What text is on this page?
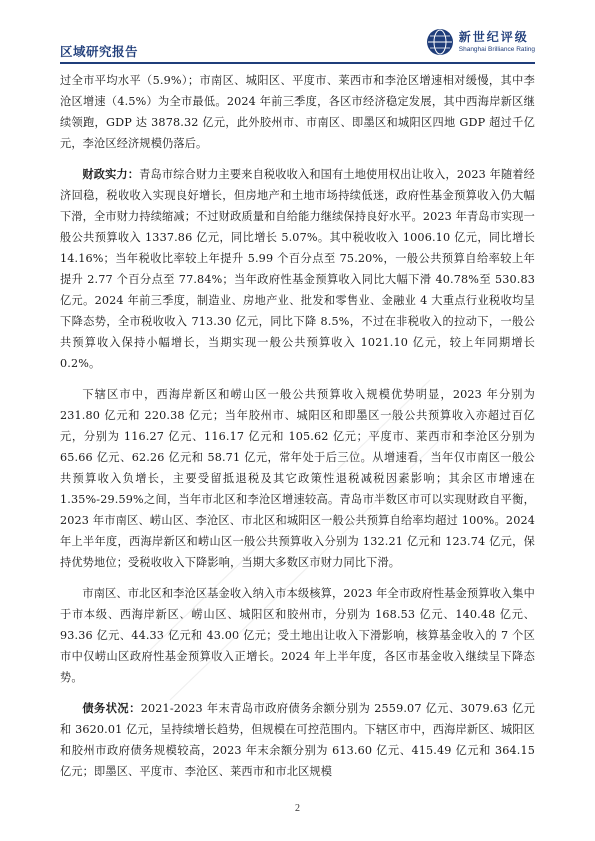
区域研究报告
新世纪评级
Shanghai Brilliance Rating

过全市平均水平（5.9%）；市南区、城阳区、平度市、莱西市和李沧区增速相对缓慢，其中李沧区增速（4.5%）为全市最低。2024 年前三季度，各区市经济稳定发展，其中西海岸新区继续领跑，GDP 达 3878.32 亿元，此外胶州市、市南区、即墨区和城阳区四地 GDP 超过千亿元，李沧区经济规模仍落后。

财政实力：青岛市综合财力主要来自税收收入和国有土地使用权出让收入，2023 年随着经济回稳，税收收入实现良好增长，但房地产和土地市场持续低迷，政府性基金预算收入仍大幅下滑，全市财力持续缩减；不过财政质量和自给能力继续保持良好水平。2023 年青岛市实现一般公共预算收入 1337.86 亿元，同比增长 5.07%。其中税收收入 1006.10 亿元，同比增长 14.16%；当年税收比率较上年提升 5.99 个百分点至 75.20%，一般公共预算自给率较上年提升 2.77 个百分点至 77.84%；当年政府性基金预算收入同比大幅下滑 40.78%至 530.83 亿元。2024 年前三季度，制造业、房地产业、批发和零售业、金融业 4 大重点行业税收均呈下降态势，全市税收收入 713.30 亿元，同比下降 8.5%，不过在非税收入的拉动下，一般公共预算收入保持小幅增长，当期实现一般公共预算收入 1021.10 亿元，较上年同期增长 0.2%。

下辖区市中，西海岸新区和崂山区一般公共预算收入规模优势明显，2023 年分别为 231.80 亿元和 220.38 亿元；当年胶州市、城阳区和即墨区一般公共预算收入亦超过百亿元，分别为 116.27 亿元、116.17 亿元和 105.62 亿元；平度市、莱西市和李沧区分别为 65.66 亿元、62.26 亿元和 58.71 亿元，常年处于后三位。从增速看，当年仅市南区一般公共预算收入负增长，主要受留抵退税及其它政策性退税减税因素影响；其余区市增速在 1.35%-29.59%之间，当年市北区和李沧区增速较高。青岛市半数区市可以实现财政自平衡，2023 年市南区、崂山区、李沧区、市北区和城阳区一般公共预算自给率均超过 100%。2024 年上半年度，西海岸新区和崂山区一般公共预算收入分别为 132.21 亿元和 123.74 亿元，保持优势地位；受税收收入下降影响，当期大多数区市财力同比下滑。

市南区、市北区和李沧区基金收入纳入市本级核算，2023 年全市政府性基金预算收入集中于市本级、西海岸新区、崂山区、城阳区和胶州市，分别为 168.53 亿元、140.48 亿元、93.36 亿元、44.33 亿元和 43.00 亿元；受土地出让收入下滑影响，核算基金收入的 7 个区市中仅崂山区政府性基金预算收入正增长。2024 年上半年度，各区市基金收入继续呈下降态势。

债务状况：2021-2023 年末青岛市政府债务余额分别为 2559.07 亿元、3079.63 亿元和 3620.01 亿元，呈持续增长趋势，但规模在可控范围内。下辖区市中，西海岸新区、城阳区和胶州市政府债务规模较高，2023 年末余额分别为 613.60 亿元、415.49 亿元和 364.15 亿元；即墨区、平度市、李沧区、莱西市和市北区规模

2
